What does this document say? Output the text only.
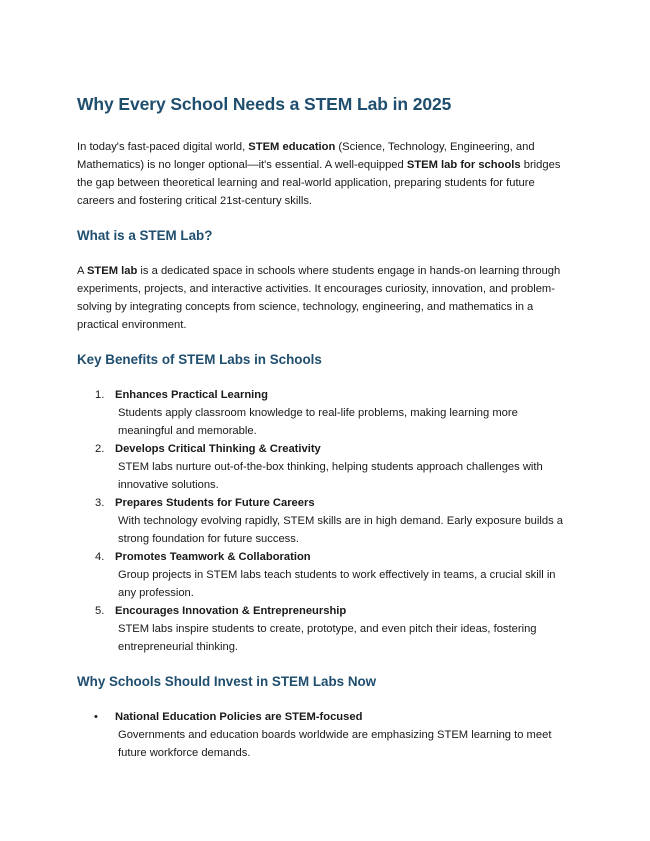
Why Every School Needs a STEM Lab in 2025

In today's fast-paced digital world, STEM education (Science, Technology, Engineering, and Mathematics) is no longer optional—it's essential. A well-equipped STEM lab for schools bridges the gap between theoretical learning and real-world application, preparing students for future careers and fostering critical 21st-century skills.

What is a STEM Lab?

A STEM lab is a dedicated space in schools where students engage in hands-on learning through experiments, projects, and interactive activities. It encourages curiosity, innovation, and problem-solving by integrating concepts from science, technology, engineering, and mathematics in a practical environment.

Key Benefits of STEM Labs in Schools
1. Enhances Practical Learning
Students apply classroom knowledge to real-life problems, making learning more meaningful and memorable.
2. Develops Critical Thinking & Creativity
STEM labs nurture out-of-the-box thinking, helping students approach challenges with innovative solutions.
3. Prepares Students for Future Careers
With technology evolving rapidly, STEM skills are in high demand. Early exposure builds a strong foundation for future success.
4. Promotes Teamwork & Collaboration
Group projects in STEM labs teach students to work effectively in teams, a crucial skill in any profession.
5. Encourages Innovation & Entrepreneurship
STEM labs inspire students to create, prototype, and even pitch their ideas, fostering entrepreneurial thinking.
Why Schools Should Invest in STEM Labs Now
• National Education Policies are STEM-focused
Governments and education boards worldwide are emphasizing STEM learning to meet future workforce demands.
